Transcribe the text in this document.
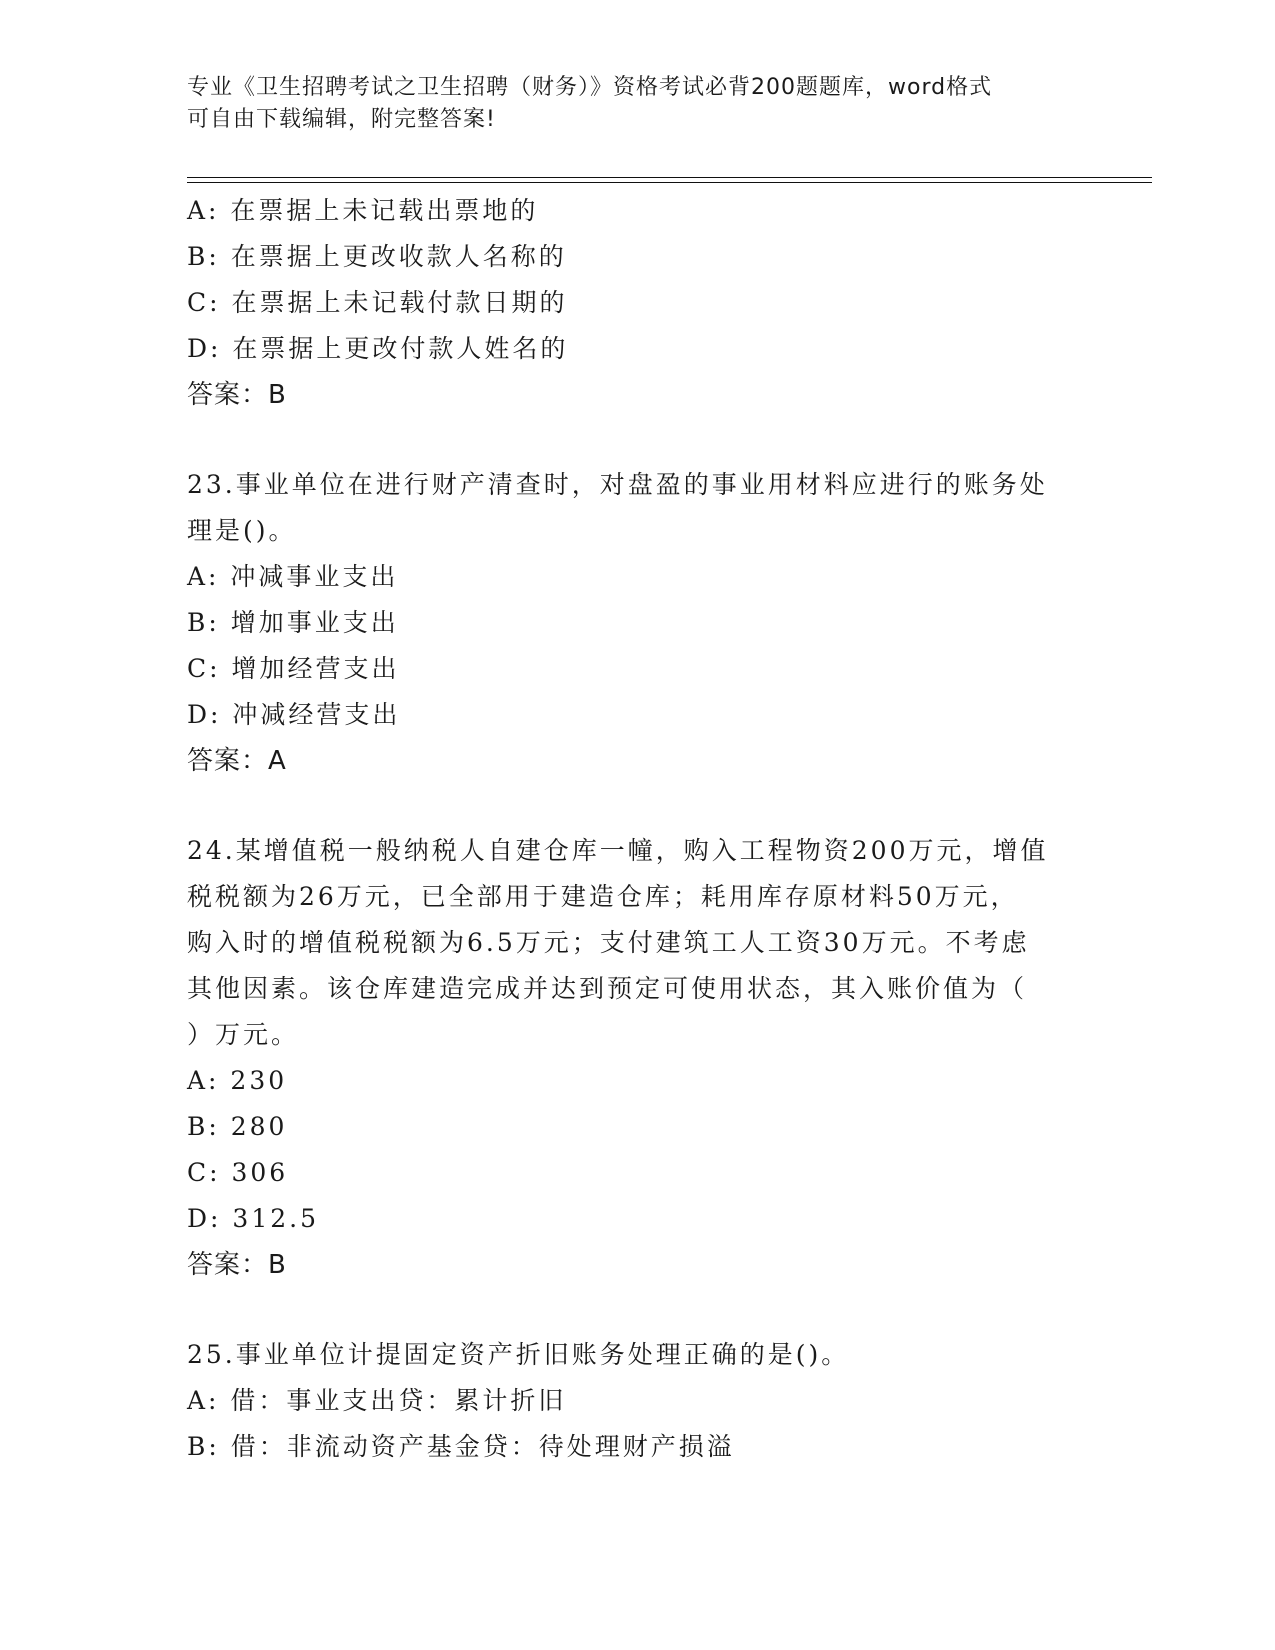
专业《卫生招聘考试之卫生招聘（财务）》资格考试必背200题题库，word格式
可自由下载编辑，附完整答案!
A: 在票据上未记载出票地的
B: 在票据上更改收款人名称的
C: 在票据上未记载付款日期的
D: 在票据上更改付款人姓名的
答案：B
23.事业单位在进行财产清查时，对盘盈的事业用材料应进行的账务处
理是()。
A: 冲减事业支出
B: 增加事业支出
C: 增加经营支出
D: 冲减经营支出
答案：A
24.某增值税一般纳税人自建仓库一幢，购入工程物资200万元，增值
税税额为26万元，已全部用于建造仓库；耗用库存原材料50万元，
购入时的增值税税额为6.5万元；支付建筑工人工资30万元。不考虑
其他因素。该仓库建造完成并达到预定可使用状态，其入账价值为（
）万元。
A: 230
B: 280
C: 306
D: 312.5
答案：B
25.事业单位计提固定资产折旧账务处理正确的是()。
A: 借：事业支出贷：累计折旧
B: 借：非流动资产基金贷：待处理财产损溢
